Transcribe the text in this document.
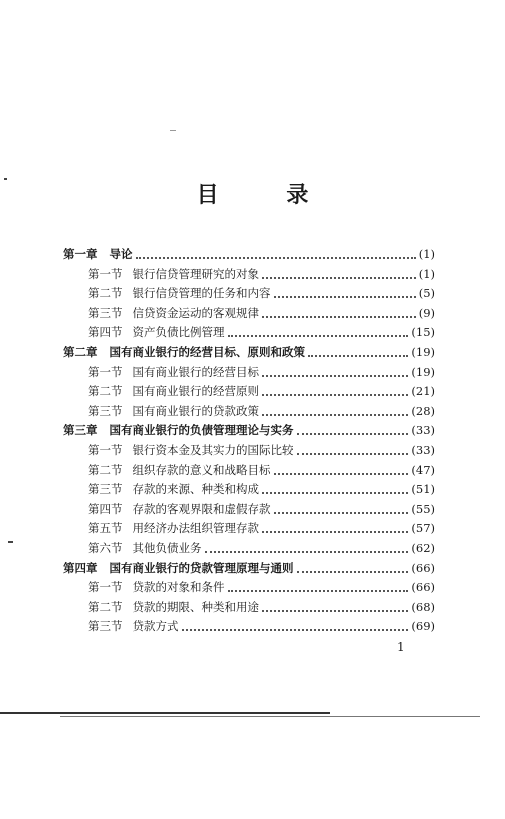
目 录
第一章 导论	(1)
第一节 银行信贷管理研究的对象	(1)
第二节 银行信贷管理的任务和内容	(5)
第三节 信贷资金运动的客观规律	(9)
第四节 资产负债比例管理	(15)
第二章 国有商业银行的经营目标、原则和政策	(19)
第一节 国有商业银行的经营目标	(19)
第二节 国有商业银行的经营原则	(21)
第三节 国有商业银行的贷款政策	(28)
第三章 国有商业银行的负债管理理论与实务	(33)
第一节 银行资本金及其实力的国际比较	(33)
第二节 组织存款的意义和战略目标	(47)
第三节 存款的来源、种类和构成	(51)
第四节 存款的客观界限和虚假存款	(55)
第五节 用经济办法组织管理存款	(57)
第六节 其他负债业务	(62)
第四章 国有商业银行的贷款管理原理与通则	(66)
第一节 贷款的对象和条件	(66)
第二节 贷款的期限、种类和用途	(68)
第三节 贷款方式	(69)
1
